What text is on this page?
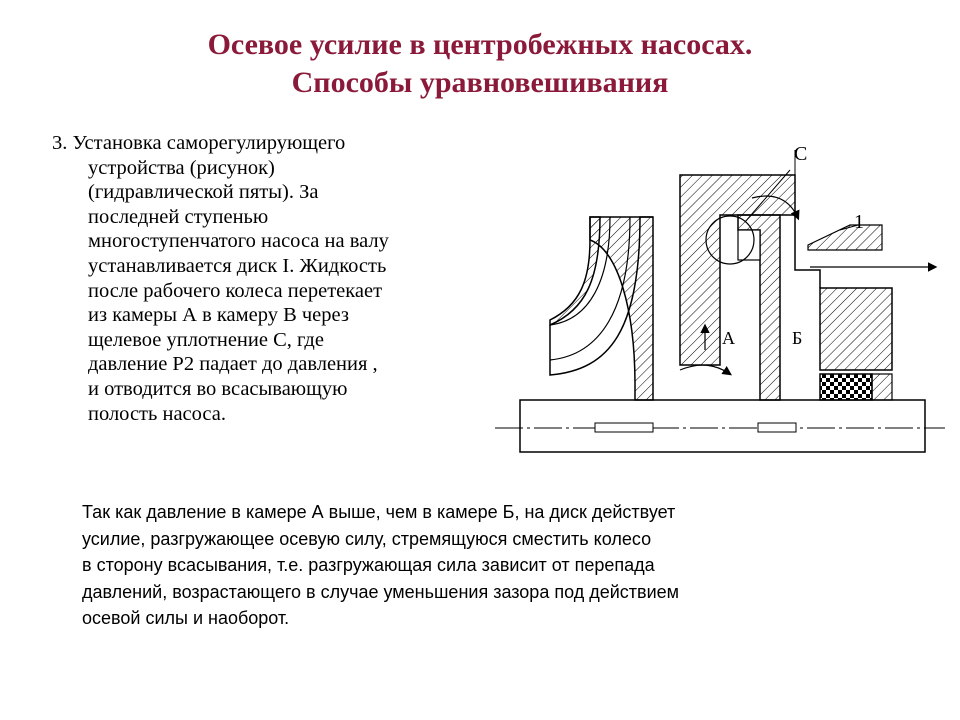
Осевое усилие в центробежных насосах.
Способы уравновешивания
3. Установка саморегулирующего
устройства (рисунок)
(гидравлической пяты). За
последней ступенью
многоступенчатого насоса на валу
устанавливается диск I. Жидкость
после рабочего колеса перетекает
из камеры А в камеру В через
щелевое уплотнение С, где
давление Р2 падает до давления ,
и отводится во всасывающую
полость насоса.
С
1
А	Б
Так как давление в камере А выше, чем в камере Б, на диск действует
усилие, разгружающее осевую силу, стремящуюся сместить колесо
в сторону всасывания, т.е. разгружающая сила зависит от перепада
давлений, возрастающего в случае уменьшения зазора под действием
осевой силы и наоборот.
